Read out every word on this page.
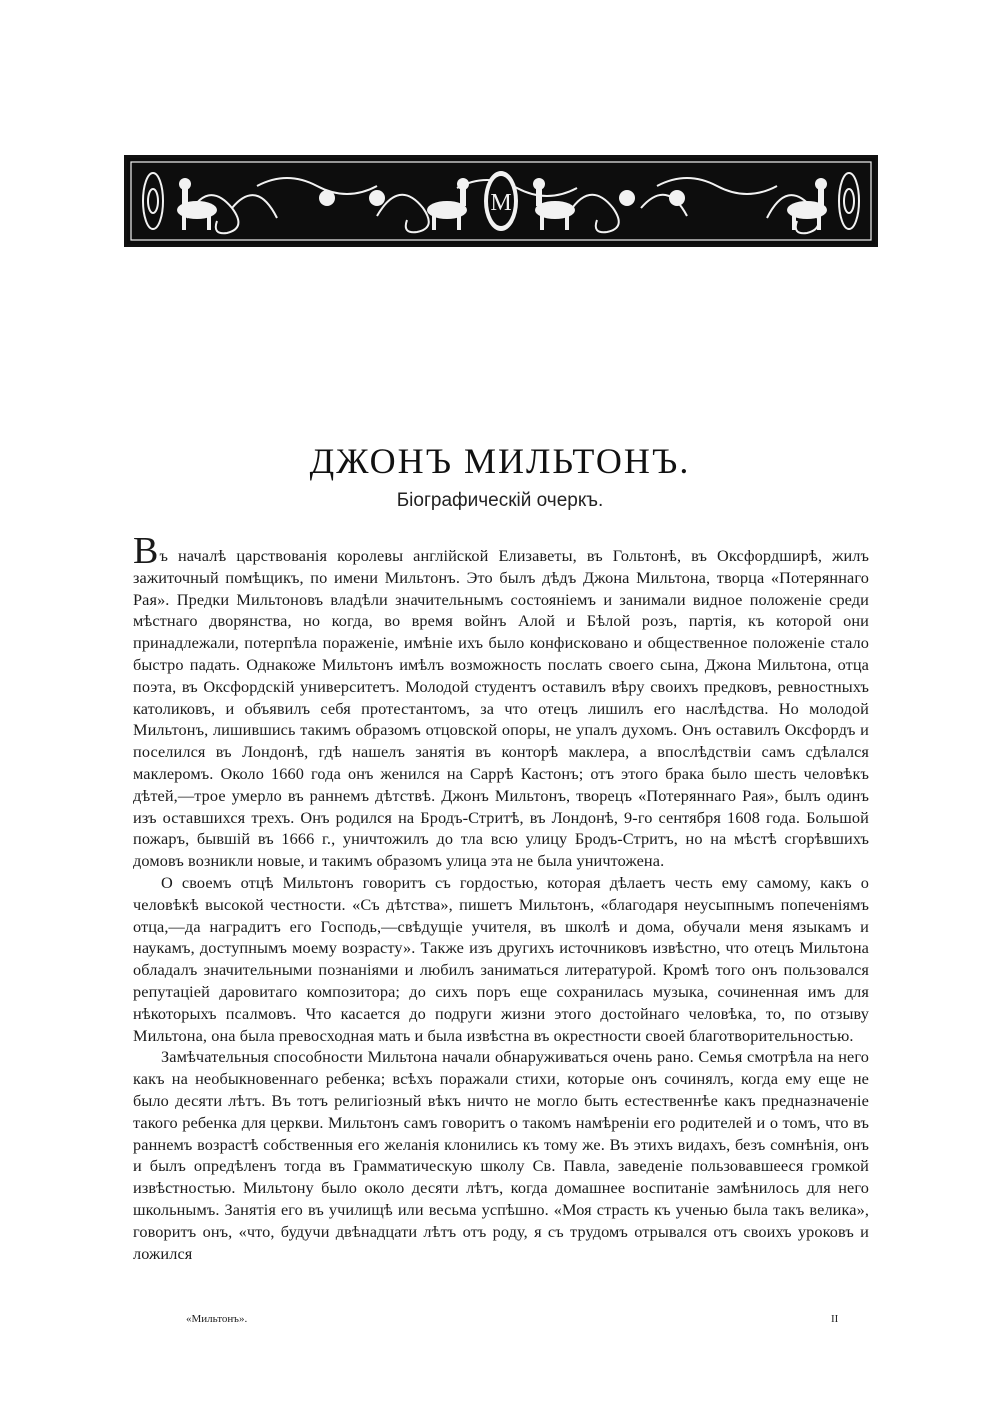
M
ДЖОНЪ МИЛЬТОНЪ.
Біографическій очеркъ.

Въ началѣ царствованія королевы англійской Елизаветы, въ Гольтонѣ, въ Оксфордширѣ, жилъ зажиточный помѣщикъ, по имени Мильтонъ. Это былъ дѣдъ Джона Мильтона, творца «Потеряннаго Рая». Предки Мильтоновъ владѣли значительнымъ состояніемъ и занимали видное положеніе среди мѣстнаго дворянства, но когда, во время войнъ Алой и Бѣлой розъ, партія, къ которой они принадлежали, потерпѣла пораженіе, имѣніе ихъ было конфисковано и общественное положеніе стало быстро падать. Однакоже Мильтонъ имѣлъ возможность послать своего сына, Джона Мильтона, отца поэта, въ Оксфордскій университетъ. Молодой студентъ оставилъ вѣру своихъ предковъ, ревностныхъ католиковъ, и объявилъ себя протестантомъ, за что отецъ лишилъ его наслѣдства. Но молодой Мильтонъ, лишившись такимъ образомъ отцовской опоры, не упалъ духомъ. Онъ оставилъ Оксфордъ и поселился въ Лондонѣ, гдѣ нашелъ занятія въ конторѣ маклера, а впослѣдствіи самъ сдѣлался маклеромъ. Около 1660 года онъ женился на Саррѣ Кастонъ; отъ этого брака было шесть человѣкъ дѣтей,—трое умерло въ раннемъ дѣтствѣ. Джонъ Мильтонъ, творецъ «Потеряннаго Рая», былъ одинъ изъ оставшихся трехъ. Онъ родился на Бродъ-Стритѣ, въ Лондонѣ, 9-го сентября 1608 года. Большой пожаръ, бывшій въ 1666 г., уничтожилъ до тла всю улицу Бродъ-Стритъ, но на мѣстѣ сгорѣвшихъ домовъ возникли новые, и такимъ образомъ улица эта не была уничтожена.

О своемъ отцѣ Мильтонъ говоритъ съ гордостью, которая дѣлаетъ честь ему самому, какъ о человѣкѣ высокой честности. «Съ дѣтства», пишетъ Мильтонъ, «благодаря неусыпнымъ попеченіямъ отца,—да наградитъ его Господь,—свѣдущіе учителя, въ школѣ и дома, обучали меня языкамъ и наукамъ, доступнымъ моему возрасту». Также изъ другихъ источниковъ извѣстно, что отецъ Мильтона обладалъ значительными познаніями и любилъ заниматься литературой. Кромѣ того онъ пользовался репутаціей даровитаго композитора; до сихъ поръ еще сохранилась музыка, сочиненная имъ для нѣкоторыхъ псалмовъ. Что касается до подруги жизни этого достойнаго человѣка, то, по отзыву Мильтона, она была превосходная мать и была извѣстна въ окрестности своей благотворительностью.

Замѣчательныя способности Мильтона начали обнаруживаться очень рано. Семья смотрѣла на него какъ на необыкновеннаго ребенка; всѣхъ поражали стихи, которые онъ сочинялъ, когда ему еще не было десяти лѣтъ. Въ тотъ религіозный вѣкъ ничто не могло быть естественнѣе какъ предназначеніе такого ребенка для церкви. Мильтонъ самъ говоритъ о такомъ намѣреніи его родителей и о томъ, что въ раннемъ возрастѣ собственныя его желанія клонились къ тому же. Въ этихъ видахъ, безъ сомнѣнія, онъ и былъ опредѣленъ тогда въ Грамматическую школу Св. Павла, заведеніе пользовавшееся громкой извѣстностью. Мильтону было около десяти лѣтъ, когда домашнее воспитаніе замѣнилось для него школьнымъ. Занятія его въ училищѣ или весьма успѣшно. «Моя страсть къ ученью была такъ велика», говоритъ онъ, «что, будучи двѣнадцати лѣтъ отъ роду, я съ трудомъ отрывался отъ своихъ уроковъ и ложился

«Мильтонъ».	II
